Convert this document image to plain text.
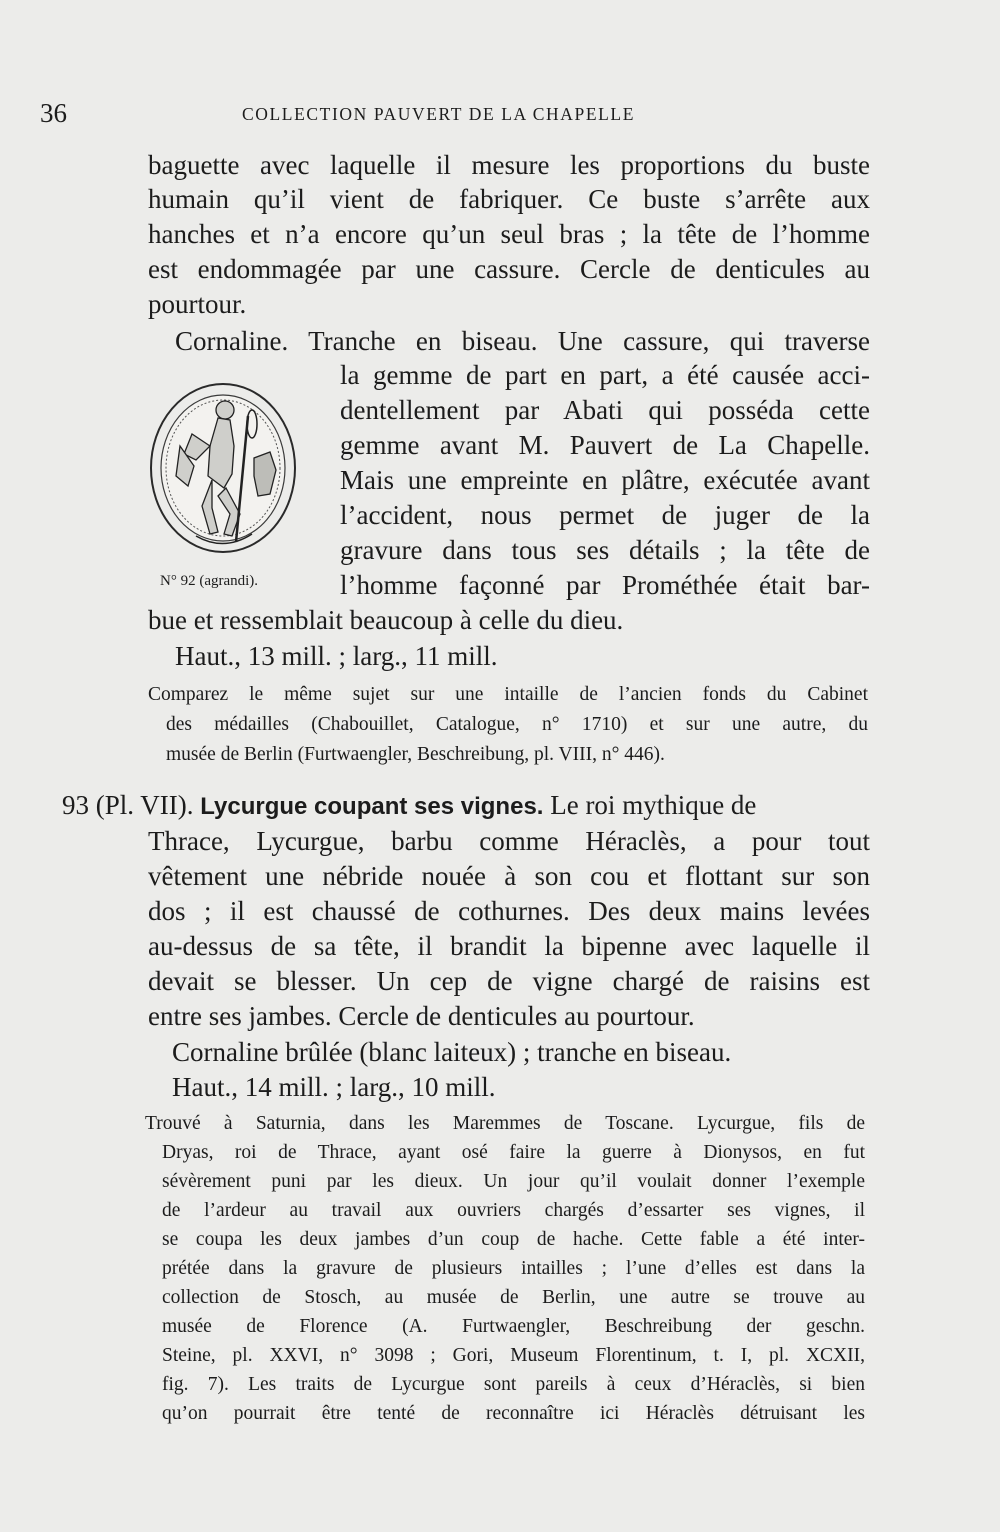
36	COLLECTION PAUVERT DE LA CHAPELLE
baguette avec laquelle il mesure les proportions du buste
humain qu’il vient de fabriquer. Ce buste s’arrête aux
hanches et n’a encore qu’un seul bras ; la tête de l’homme
est endommagée par une cassure. Cercle de denticules au
pourtour.
Cornaline. Tranche en biseau. Une cassure, qui traverse
la gemme de part en part, a été causée acci-
dentellement par Abati qui posséda cette
gemme avant M. Pauvert de La Chapelle.
Mais une empreinte en plâtre, exécutée avant
l’accident, nous permet de juger de la
gravure dans tous ses détails ; la tête de
l’homme façonné par Prométhée était bar-
bue et ressemblait beaucoup à celle du dieu.
Haut., 13 mill. ; larg., 11 mill.
N° 92 (agrandi).
Comparez le même sujet sur une intaille de l’ancien fonds du Cabinet
des médailles (Chabouillet, Catalogue, n° 1710) et sur une autre, du
musée de Berlin (Furtwaengler, Beschreibung, pl. VIII, n° 446).
93 (Pl. VII). Lycurgue coupant ses vignes. Le roi mythique de
Thrace, Lycurgue, barbu comme Héraclès, a pour tout
vêtement une nébride nouée à son cou et flottant sur son
dos ; il est chaussé de cothurnes. Des deux mains levées
au-dessus de sa tête, il brandit la bipenne avec laquelle il
devait se blesser. Un cep de vigne chargé de raisins est
entre ses jambes. Cercle de denticules au pourtour.
Cornaline brûlée (blanc laiteux) ; tranche en biseau.
Haut., 14 mill. ; larg., 10 mill.
Trouvé à Saturnia, dans les Maremmes de Toscane. Lycurgue, fils de
Dryas, roi de Thrace, ayant osé faire la guerre à Dionysos, en fut
sévèrement puni par les dieux. Un jour qu’il voulait donner l’exemple
de l’ardeur au travail aux ouvriers chargés d’essarter ses vignes, il
se coupa les deux jambes d’un coup de hache. Cette fable a été inter-
prétée dans la gravure de plusieurs intailles ; l’une d’elles est dans la
collection de Stosch, au musée de Berlin, une autre se trouve au
musée de Florence (A. Furtwaengler, Beschreibung der geschn.
Steine, pl. XXVI, n° 3098 ; Gori, Museum Florentinum, t. I, pl. XCXII,
fig. 7). Les traits de Lycurgue sont pareils à ceux d’Héraclès, si bien
qu’on pourrait être tenté de reconnaître ici Héraclès détruisant les
